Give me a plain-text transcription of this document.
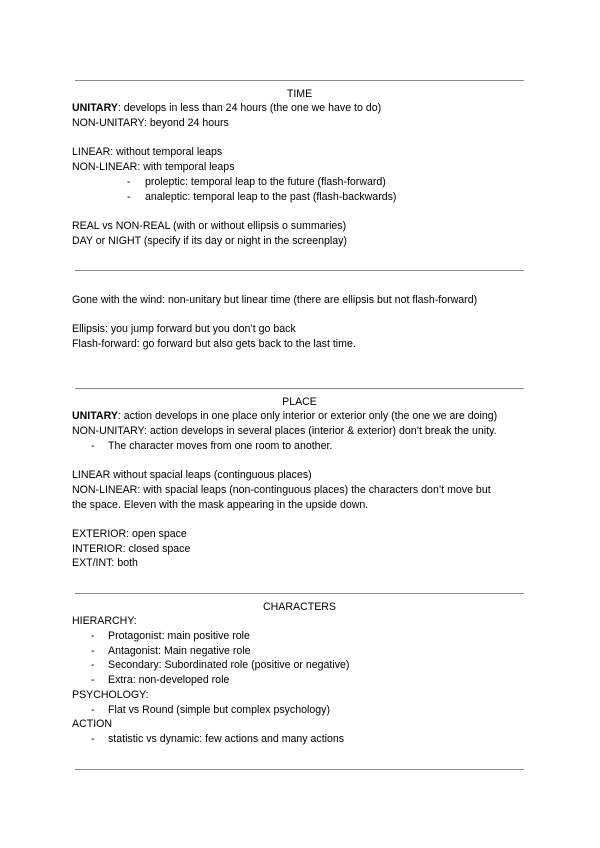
TIME
UNITARY: develops in less than 24 hours (the one we have to do)
NON-UNITARY: beyond 24 hours
LINEAR: without temporal leaps
NON-LINEAR: with temporal leaps
- proleptic: temporal leap to the future (flash-forward)
- analeptic: temporal leap to the past (flash-backwards)
REAL vs NON-REAL (with or without ellipsis o summaries)
DAY or NIGHT (specify if its day or night in the screenplay)
Gone with the wind: non-unitary but linear time (there are ellipsis but not flash-forward)
Ellipsis: you jump forward but you don’t go back
Flash-forward: go forward but also gets back to the last time.
PLACE
UNITARY: action develops in one place only interior or exterior only (the one we are doing)
NON-UNITARY: action develops in several places (interior & exterior) don’t break the unity.
- The character moves from one room to another.
LINEAR without spacial leaps (continguous places)
NON-LINEAR: with spacial leaps (non-continguous places) the characters don’t move but
the space. Eleven with the mask appearing in the upside down.
EXTERIOR: open space
INTERIOR: closed space
EXT/INT: both
CHARACTERS
HIERARCHY:
- Protagonist: main positive role
- Antagonist: Main negative role
- Secondary: Subordinated role (positive or negative)
- Extra: non-developed role
PSYCHOLOGY:
- Flat vs Round (simple but complex psychology)
ACTION
- statistic vs dynamic: few actions and many actions
